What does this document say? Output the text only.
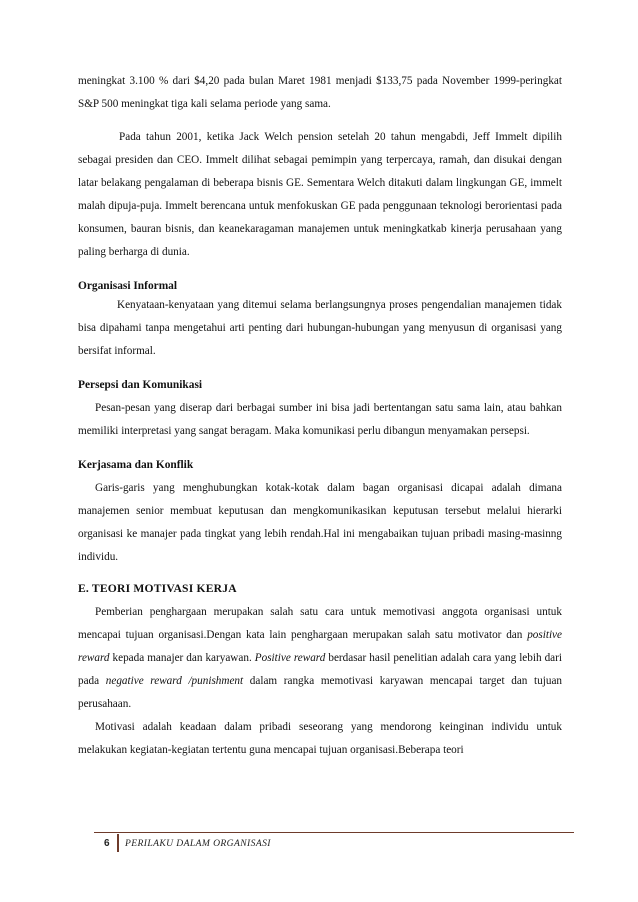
meningkat 3.100 % dari $4,20 pada bulan Maret 1981 menjadi $133,75 pada November 1999-peringkat S&P 500 meningkat tiga kali selama periode yang sama.

Pada tahun 2001, ketika Jack Welch pension setelah 20 tahun mengabdi, Jeff Immelt dipilih sebagai presiden dan CEO. Immelt dilihat sebagai pemimpin yang terpercaya, ramah, dan disukai dengan latar belakang pengalaman di beberapa bisnis GE. Sementara Welch ditakuti dalam lingkungan GE, immelt malah dipuja-puja. Immelt berencana untuk menfokuskan GE pada penggunaan teknologi berorientasi pada konsumen, bauran bisnis, dan keanekaragaman manajemen untuk meningkatkab kinerja perusahaan yang paling berharga di dunia.

Organisasi Informal

Kenyataan-kenyataan yang ditemui selama berlangsungnya proses pengendalian manajemen tidak bisa dipahami tanpa mengetahui arti penting dari hubungan-hubungan yang menyusun di organisasi yang bersifat informal.

Persepsi dan Komunikasi

Pesan-pesan yang diserap dari berbagai sumber ini bisa jadi bertentangan satu sama lain, atau bahkan memiliki interpretasi yang sangat beragam. Maka komunikasi perlu dibangun menyamakan persepsi.

Kerjasama dan Konflik

Garis-garis yang menghubungkan kotak-kotak dalam bagan organisasi dicapai adalah dimana manajemen senior membuat keputusan dan mengkomunikasikan keputusan tersebut melalui hierarki organisasi ke manajer pada tingkat yang lebih rendah.Hal ini mengabaikan tujuan pribadi masing-masinng individu.

E. TEORI MOTIVASI KERJA

Pemberian penghargaan merupakan salah satu cara untuk memotivasi anggota organisasi untuk mencapai tujuan organisasi.Dengan kata lain penghargaan merupakan salah satu motivator dan positive reward kepada manajer dan karyawan. Positive reward berdasar hasil penelitian adalah cara yang lebih dari pada negative reward /punishment dalam rangka memotivasi karyawan mencapai target dan tujuan perusahaan.

Motivasi adalah keadaan dalam pribadi seseorang yang mendorong keinginan individu untuk melakukan kegiatan-kegiatan tertentu guna mencapai tujuan organisasi.Beberapa teori

6 PERILAKU DALAM ORGANISASI
